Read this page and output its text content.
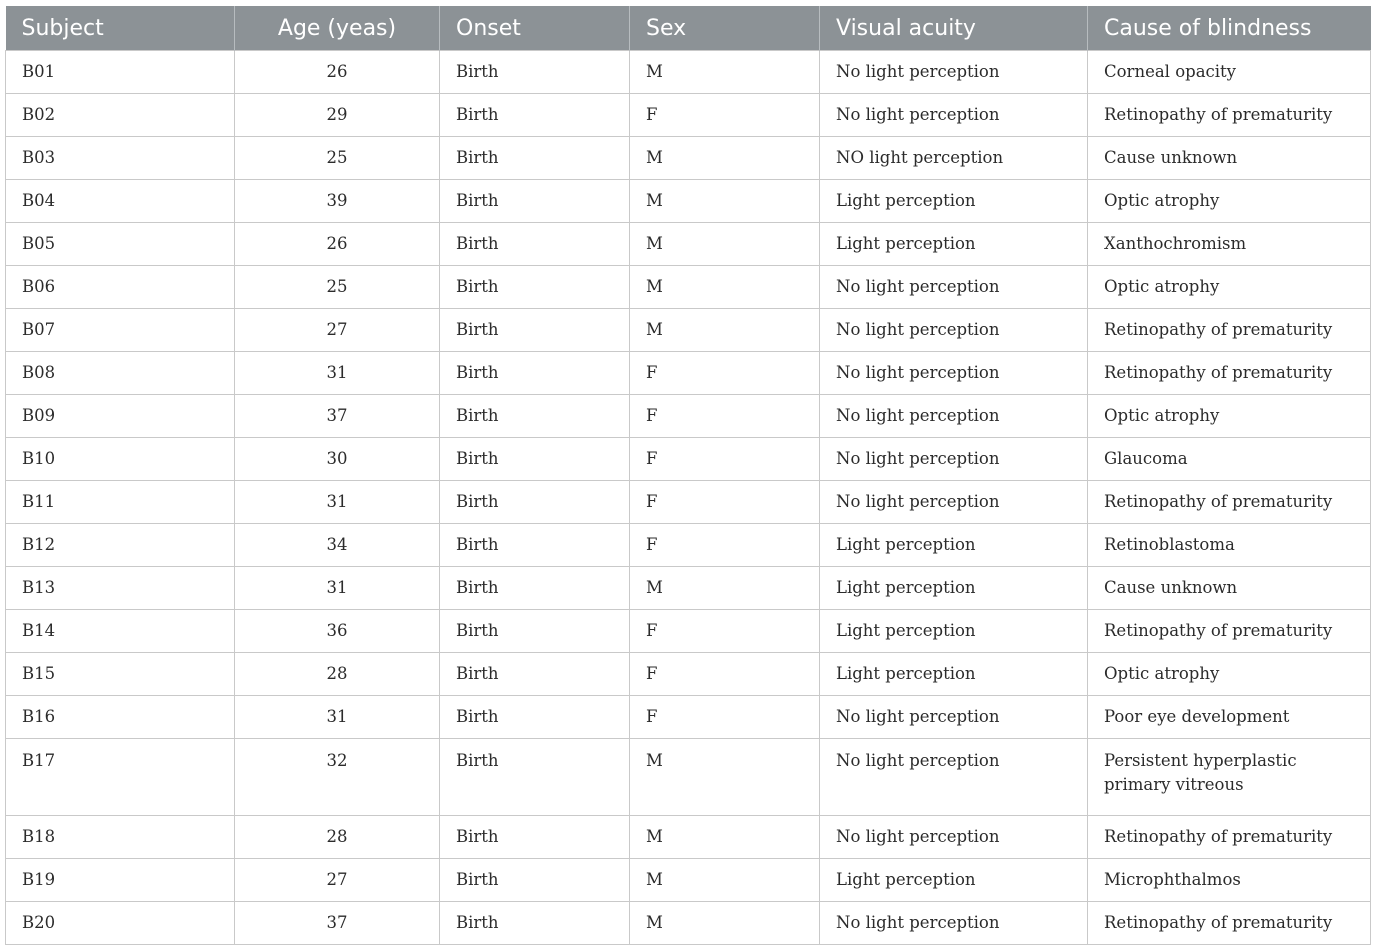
Subject	Age (yeas)	Onset	Sex	Visual acuity	Cause of blindness
B01	26	Birth	M	No light perception	Corneal opacity
B02	29	Birth	F	No light perception	Retinopathy of prematurity
B03	25	Birth	M	NO light perception	Cause unknown
B04	39	Birth	M	Light perception	Optic atrophy
B05	26	Birth	M	Light perception	Xanthochromism
B06	25	Birth	M	No light perception	Optic atrophy
B07	27	Birth	M	No light perception	Retinopathy of prematurity
B08	31	Birth	F	No light perception	Retinopathy of prematurity
B09	37	Birth	F	No light perception	Optic atrophy
B10	30	Birth	F	No light perception	Glaucoma
B11	31	Birth	F	No light perception	Retinopathy of prematurity
B12	34	Birth	F	Light perception	Retinoblastoma
B13	31	Birth	M	Light perception	Cause unknown
B14	36	Birth	F	Light perception	Retinopathy of prematurity
B15	28	Birth	F	Light perception	Optic atrophy
B16	31	Birth	F	No light perception	Poor eye development
B17	32	Birth	M	No light perception	Persistent hyperplastic primary vitreous
B18	28	Birth	M	No light perception	Retinopathy of prematurity
B19	27	Birth	M	Light perception	Microphthalmos
B20	37	Birth	M	No light perception	Retinopathy of prematurity
